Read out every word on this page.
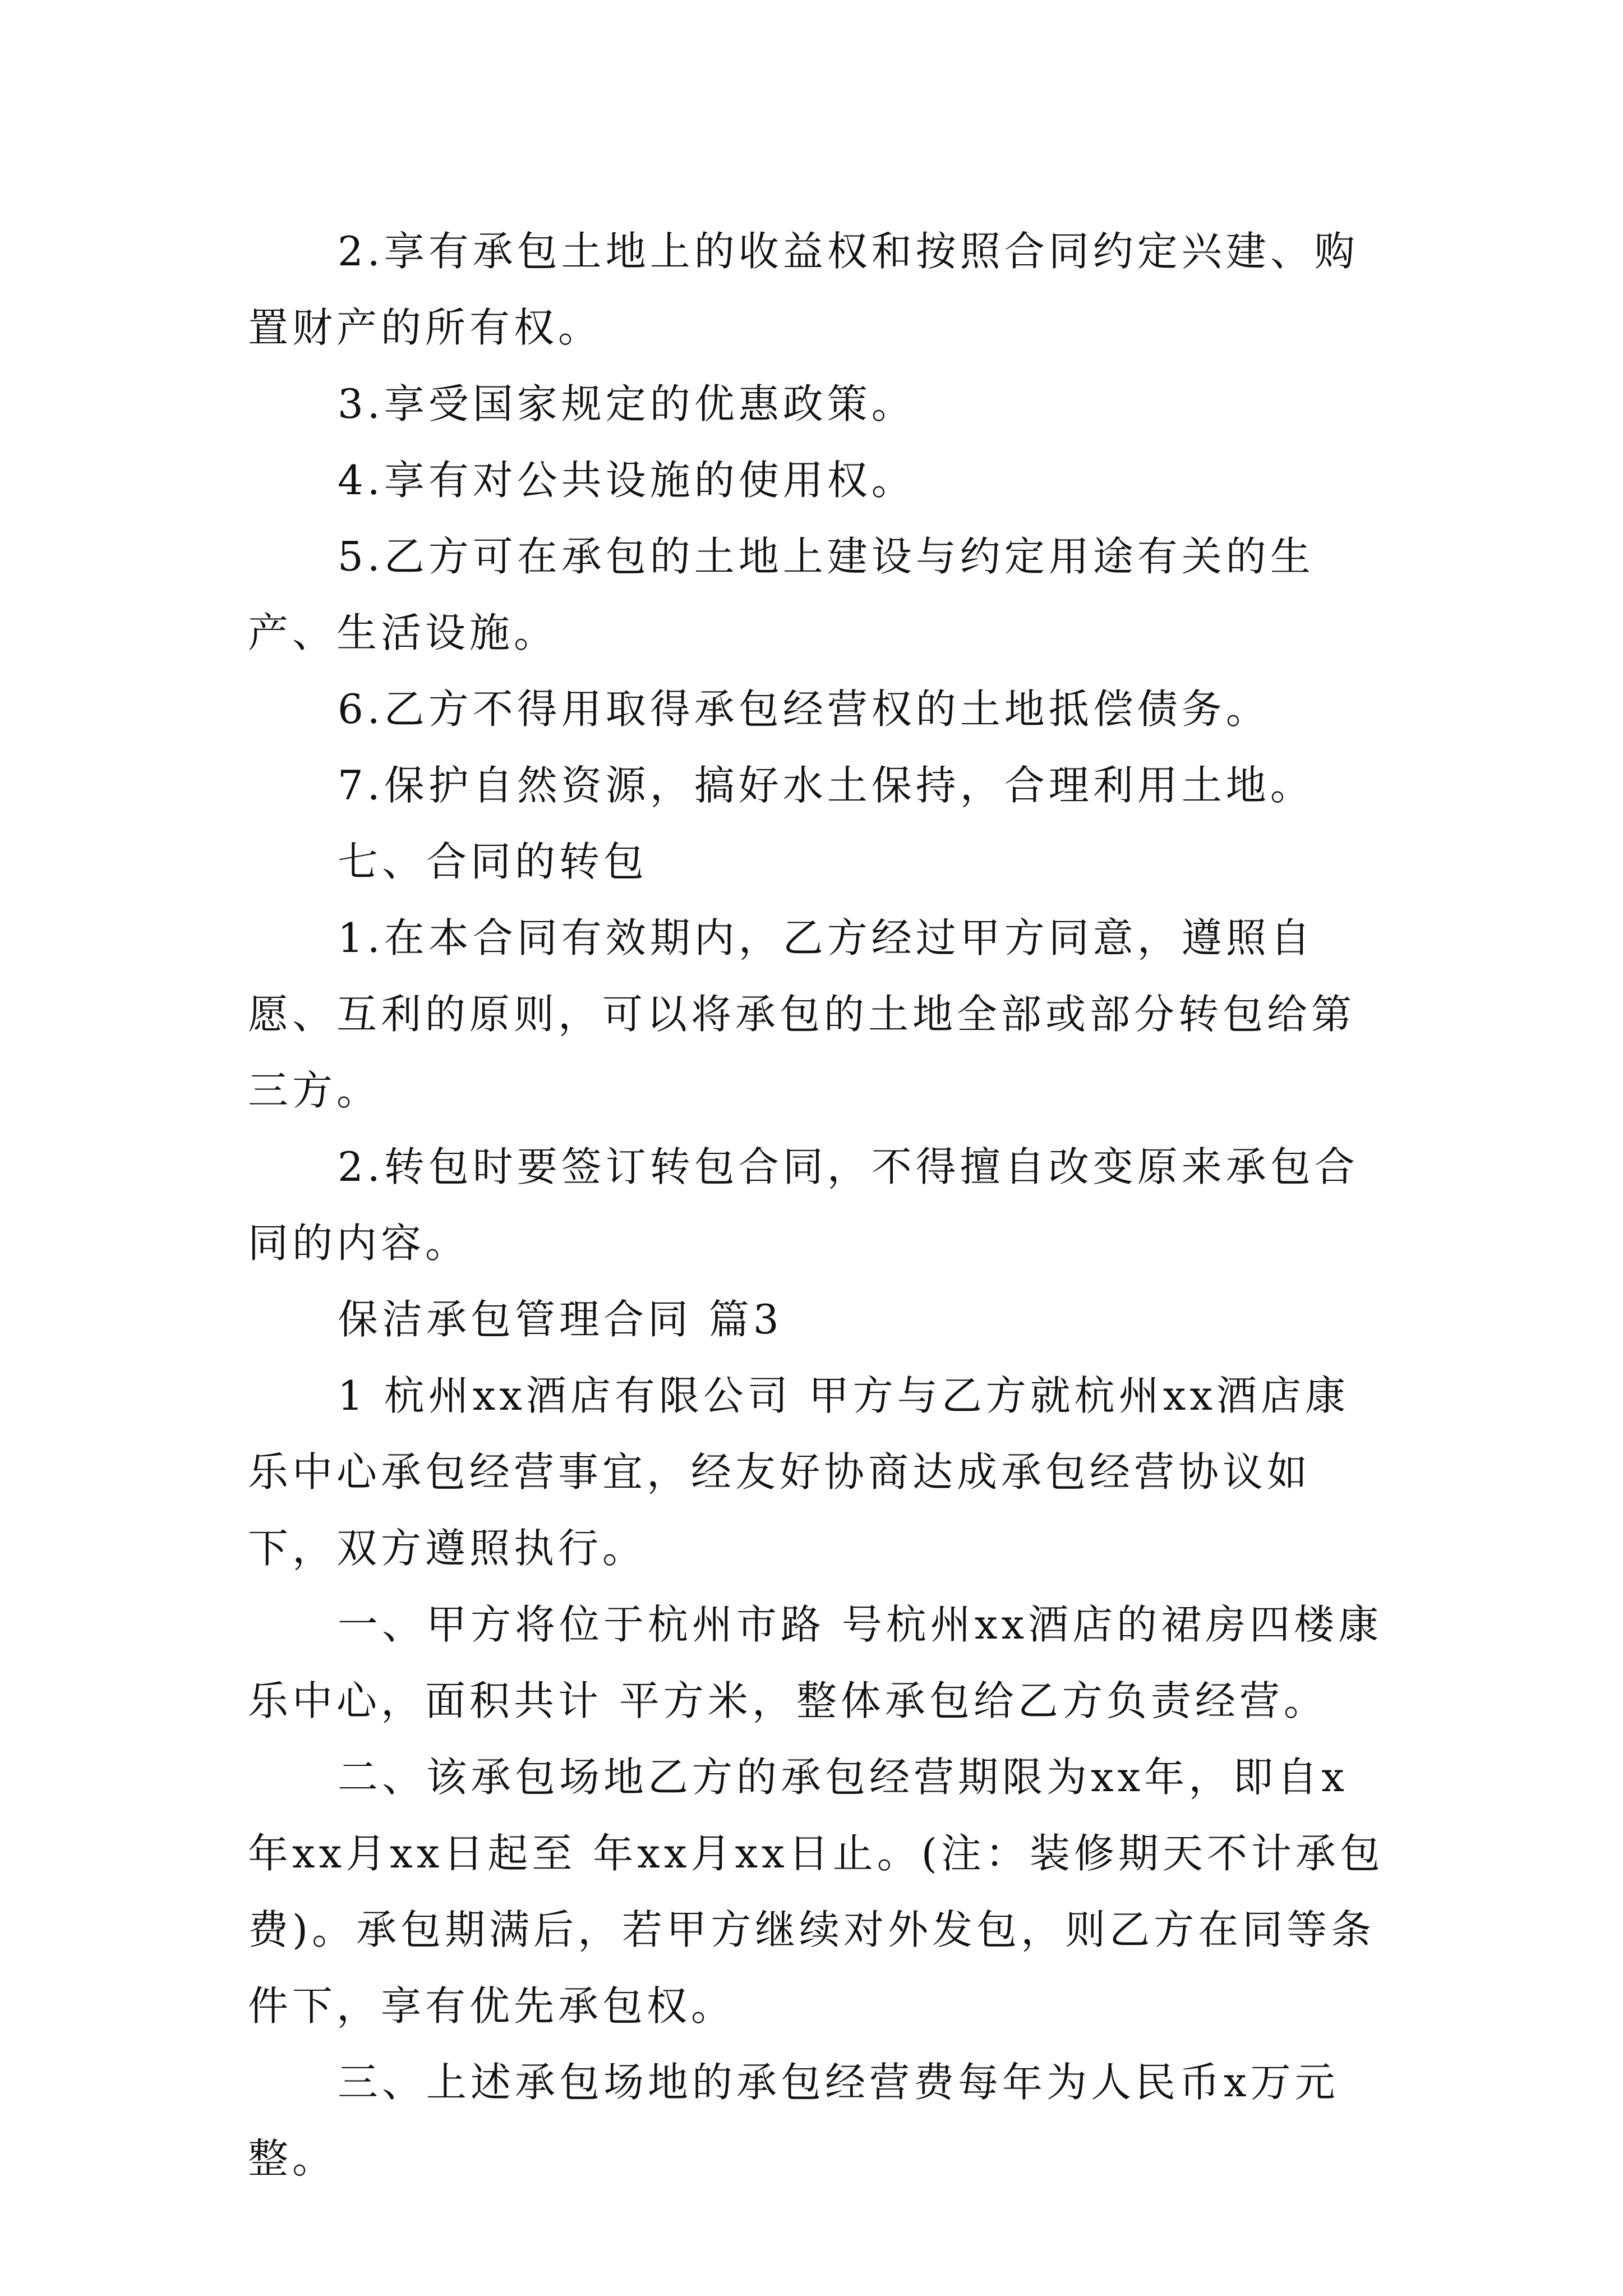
2.享有承包土地上的收益权和按照合同约定兴建、购置财产的所有权。

3.享受国家规定的优惠政策。

4.享有对公共设施的使用权。

5.乙方可在承包的土地上建设与约定用途有关的生产、生活设施。

6.乙方不得用取得承包经营权的土地抵偿债务。

7.保护自然资源，搞好水土保持，合理利用土地。

七、合同的转包

1.在本合同有效期内，乙方经过甲方同意，遵照自愿、互利的原则，可以将承包的土地全部或部分转包给第三方。

2.转包时要签订转包合同，不得擅自改变原来承包合同的内容。

保洁承包管理合同 篇3

1 杭州xx酒店有限公司 甲方与乙方就杭州xx酒店康乐中心承包经营事宜，经友好协商达成承包经营协议如下，双方遵照执行。

一、甲方将位于杭州市路 号杭州xx酒店的裙房四楼康乐中心，面积共计 平方米，整体承包给乙方负责经营。

二、该承包场地乙方的承包经营期限为xx年，即自x年xx月xx日起至 年xx月xx日止。(注：装修期天不计承包费)。承包期满后，若甲方继续对外发包，则乙方在同等条件下，享有优先承包权。

三、上述承包场地的承包经营费每年为人民币x万元整。
